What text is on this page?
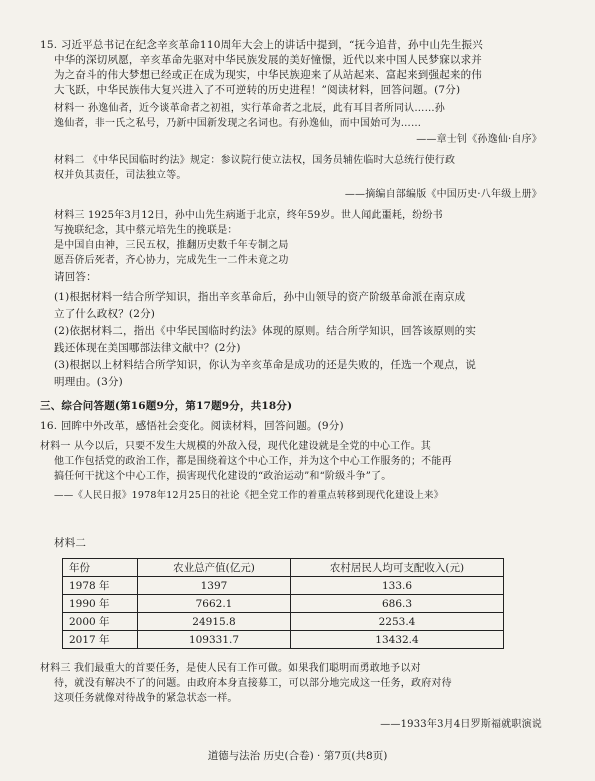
15. 习近平总书记在纪念辛亥革命110周年大会上的讲话中提到，“抚今追昔，孙中山先生振兴
中华的深切夙愿，辛亥革命先驱对中华民族发展的美好憧憬，近代以来中国人民梦寐以求并
为之奋斗的伟大梦想已经或正在成为现实，中华民族迎来了从站起来、富起来到强起来的伟
大飞跃，中华民族伟大复兴进入了不可逆转的历史进程！”阅读材料，回答问题。(7分)
材料一 孙逸仙者，近今谈革命者之初祖，实行革命者之北辰，此有耳目者所同认……孙
逸仙者，非一氏之私号，乃新中国新发现之名词也。有孙逸仙，而中国始可为……
——章士钊《孙逸仙·自序》
材料二 《中华民国临时约法》规定：参议院行使立法权，国务员辅佐临时大总统行使行政
权并负其责任，司法独立等。
——摘编自部编版《中国历史·八年级上册》
材料三 1925年3月12日，孙中山先生病逝于北京，终年59岁。世人闻此噩耗，纷纷书
写挽联纪念，其中蔡元培先生的挽联是：
是中国自由神，三民五权，推翻历史数千年专制之局
愿吾侪后死者，齐心协力，完成先生一二件未竟之功
请回答：
(1)根据材料一结合所学知识，指出辛亥革命后，孙中山领导的资产阶级革命派在南京成
立了什么政权？(2分)
(2)依据材料二，指出《中华民国临时约法》体现的原则。结合所学知识，回答该原则的实
践还体现在美国哪部法律文献中？(2分)
(3)根据以上材料结合所学知识，你认为辛亥革命是成功的还是失败的，任选一个观点，说
明理由。(3分)
三、综合问答题(第16题9分，第17题9分，共18分)
16. 回眸中外改革，感悟社会变化。阅读材料，回答问题。(9分)
材料一 从今以后，只要不发生大规模的外敌入侵，现代化建设就是全党的中心工作。其
他工作包括党的政治工作，都是围绕着这个中心工作，并为这个中心工作服务的；不能再
搞任何干扰这个中心工作，损害现代化建设的“政治运动”和“阶级斗争”了。
——《人民日报》1978年12月25日的社论《把全党工作的着重点转移到现代化建设上来》
材料二
年份	农业总产值(亿元)	农村居民人均可支配收入(元)
1978 年	1397	133.6
1990 年	7662.1	686.3
2000 年	24915.8	2253.4
2017 年	109331.7	13432.4
材料三 我们最重大的首要任务，是使人民有工作可做。如果我们聪明而勇敢地予以对
待，就没有解决不了的问题。由政府本身直接募工，可以部分地完成这一任务，政府对待
这项任务就像对待战争的紧急状态一样。
——1933年3月4日罗斯福就职演说
道德与法治 历史(合卷) · 第7页(共8页)
